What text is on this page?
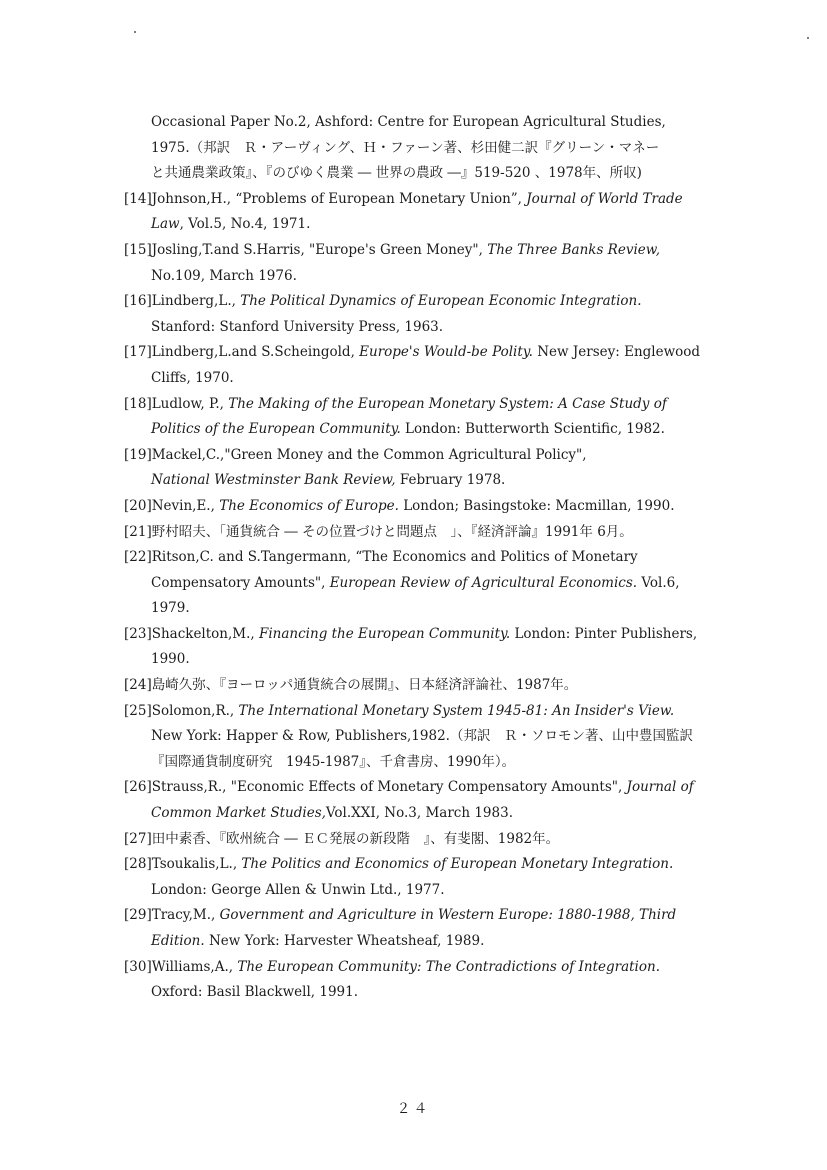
Occasional Paper No.2, Ashford: Centre for European Agricultural Studies,
1975.（邦訳　Ｒ・アーヴィング、Ｈ・ファーン著、杉田健二訳『グリーン・マネー
と共通農業政策』、『のびゆく農業 ― 世界の農政 ―』519-520 、1978年、所収)
[14]Johnson,H., “Problems of European Monetary Union”, Journal of World Trade
Law, Vol.5, No.4, 1971.
[15]Josling,T.and S.Harris, "Europe's Green Money", The Three Banks Review,
No.109, March 1976.
[16]Lindberg,L., The Political Dynamics of European Economic Integration.
Stanford: Stanford University Press, 1963.
[17]Lindberg,L.and S.Scheingold, Europe's Would-be Polity. New Jersey: Englewood
Cliffs, 1970.
[18]Ludlow, P., The Making of the European Monetary System: A Case Study of
Politics of the European Community. London: Butterworth Scientific, 1982.
[19]Mackel,C.,"Green Money and the Common Agricultural Policy",
National Westminster Bank Review, February 1978.
[20]Nevin,E., The Economics of Europe. London; Basingstoke: Macmillan, 1990.
[21]野村昭夫、「通貨統合 ― その位置づけと問題点　」、『経済評論』1991年 6月。
[22]Ritson,C. and S.Tangermann, “The Economics and Politics of Monetary
Compensatory Amounts", European Review of Agricultural Economics. Vol.6,
1979.
[23]Shackelton,M., Financing the European Community. London: Pinter Publishers,
1990.
[24]島崎久弥、『ヨーロッパ通貨統合の展開』、日本経済評論社、1987年。
[25]Solomon,R., The International Monetary System 1945-81: An Insider's View.
New York: Happer & Row, Publishers,1982.（邦訳　Ｒ・ソロモン著、山中豊国監訳
『国際通貨制度研究　1945-1987』、千倉書房、1990年）。
[26]Strauss,R., "Economic Effects of Monetary Compensatory Amounts", Journal of
Common Market Studies,Vol.XXI, No.3, March 1983.
[27]田中素香、『欧州統合 ― ＥＣ発展の新段階　』、有斐閣、1982年。
[28]Tsoukalis,L., The Politics and Economics of European Monetary Integration.
London: George Allen & Unwin Ltd., 1977.
[29]Tracy,M., Government and Agriculture in Western Europe: 1880-1988, Third
Edition. New York: Harvester Wheatsheaf, 1989.
[30]Williams,A., The European Community: The Contradictions of Integration.
Oxford: Basil Blackwell, 1991.
２４
